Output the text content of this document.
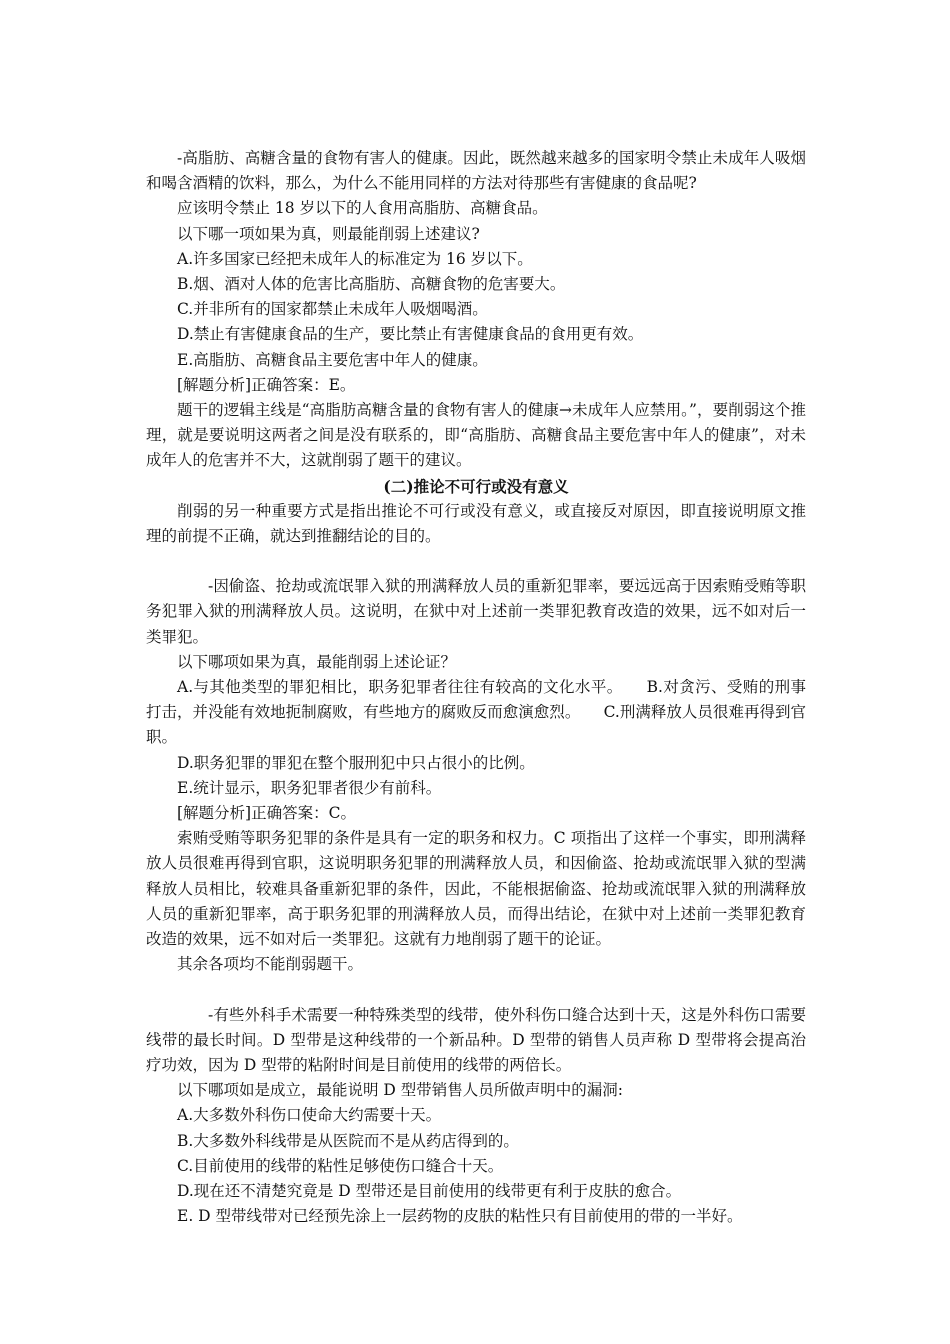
-高脂肪、高糖含量的食物有害人的健康。因此，既然越来越多的国家明令禁止未成年人吸烟和喝含酒精的饮料，那么，为什么不能用同样的方法对待那些有害健康的食品呢?

应该明令禁止 18 岁以下的人食用高脂肪、高糖食品。

以下哪一项如果为真，则最能削弱上述建议?

A.许多国家已经把未成年人的标准定为 16 岁以下。

B.烟、酒对人体的危害比高脂肪、高糖食物的危害要大。

C.并非所有的国家都禁止未成年人吸烟喝酒。

D.禁止有害健康食品的生产，要比禁止有害健康食品的食用更有效。

E.高脂肪、高糖食品主要危害中年人的健康。

[解题分析]正确答案：E。

题干的逻辑主线是“高脂肪高糖含量的食物有害人的健康→未成年人应禁用。”，要削弱这个推理，就是要说明这两者之间是没有联系的，即“高脂肪、高糖食品主要危害中年人的健康”，对未成年人的危害并不大，这就削弱了题干的建议。

(二)推论不可行或没有意义

削弱的另一种重要方式是指出推论不可行或没有意义，或直接反对原因，即直接说明原文推理的前提不正确，就达到推翻结论的目的。

-因偷盗、抢劫或流氓罪入狱的刑满释放人员的重新犯罪率，要远远高于因索贿受贿等职务犯罪入狱的刑满释放人员。这说明，在狱中对上述前一类罪犯教育改造的效果，远不如对后一类罪犯。

以下哪项如果为真，最能削弱上述论证？

A.与其他类型的罪犯相比，职务犯罪者往往有较高的文化水平。　　B.对贪污、受贿的刑事打击，并没能有效地扼制腐败，有些地方的腐败反而愈演愈烈。　　C.刑满释放人员很难再得到官职。

D.职务犯罪的罪犯在整个服刑犯中只占很小的比例。

E.统计显示，职务犯罪者很少有前科。

[解题分析]正确答案：C。

索贿受贿等职务犯罪的条件是具有一定的职务和权力。C 项指出了这样一个事实，即刑满释放人员很难再得到官职，这说明职务犯罪的刑满释放人员，和因偷盗、抢劫或流氓罪入狱的型满释放人员相比，较难具备重新犯罪的条件，因此，不能根据偷盗、抢劫或流氓罪入狱的刑满释放人员的重新犯罪率，高于职务犯罪的刑满释放人员，而得出结论，在狱中对上述前一类罪犯教育改造的效果，远不如对后一类罪犯。这就有力地削弱了题干的论证。

其余各项均不能削弱题干。

-有些外科手术需要一种特殊类型的线带，使外科伤口缝合达到十天，这是外科伤口需要线带的最长时间。D 型带是这种线带的一个新品种。D 型带的销售人员声称 D 型带将会提高治疗功效，因为 D 型带的粘附时间是目前使用的线带的两倍长。

以下哪项如是成立，最能说明 D 型带销售人员所做声明中的漏洞:

A.大多数外科伤口使命大约需要十天。

B.大多数外科线带是从医院而不是从药店得到的。

C.目前使用的线带的粘性足够使伤口缝合十天。

D.现在还不清楚究竟是 D 型带还是目前使用的线带更有利于皮肤的愈合。

E. D 型带线带对已经预先涂上一层药物的皮肤的粘性只有目前使用的带的一半好。
